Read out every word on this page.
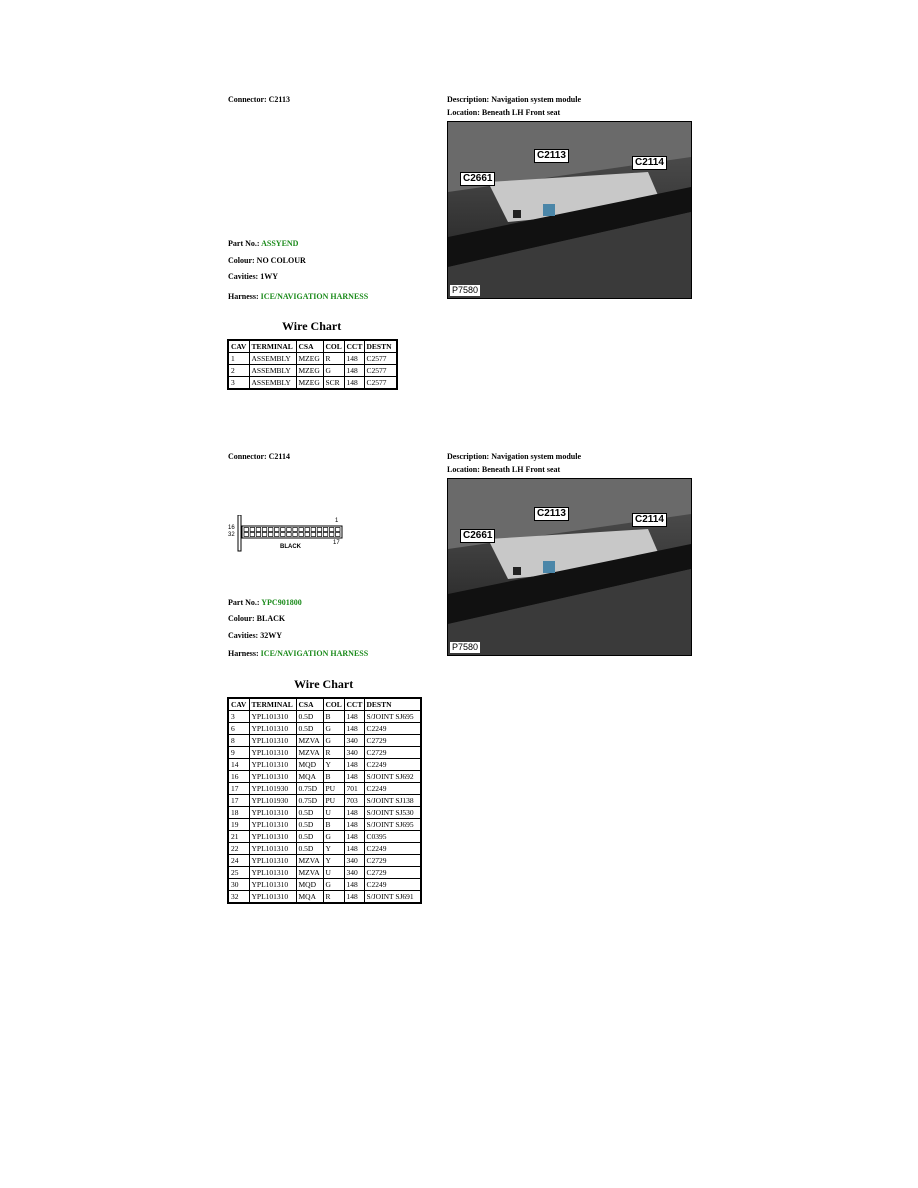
Connector: C2113	Description: Navigation system module
Location: Beneath LH Front seat
C2661
C2113
C2114
P7580
Part No.: ASSYEND
Colour: NO COLOUR
Cavities: 1WY
Harness: ICE/NAVIGATION HARNESS
Wire Chart
CAV	TERMINAL	CSA	COL	CCT	DESTN
1	ASSEMBLY	MZEG	R	148	C2577
2	ASSEMBLY	MZEG	G	148	C2577
3	ASSEMBLY	MZEG	SCR	148	C2577
Connector: C2114	Description: Navigation system module
Location: Beneath LH Front seat
C2661
C2113
C2114
P7580
16
32
1
17
BLACK
Part No.: YPC901800
Colour: BLACK
Cavities: 32WY
Harness: ICE/NAVIGATION HARNESS
Wire Chart
CAV	TERMINAL	CSA	COL	CCT	DESTN
3	YPL101310	0.5D	B	148	S/JOINT SJ695
6	YPL101310	0.5D	G	148	C2249
8	YPL101310	MZVA	G	340	C2729
9	YPL101310	MZVA	R	340	C2729
14	YPL101310	MQD	Y	148	C2249
16	YPL101310	MQA	B	148	S/JOINT SJ692
17	YPL101930	0.75D	PU	701	C2249
17	YPL101930	0.75D	PU	703	S/JOINT SJ138
18	YPL101310	0.5D	U	148	S/JOINT SJ530
19	YPL101310	0.5D	B	148	S/JOINT SJ695
21	YPL101310	0.5D	G	148	C0395
22	YPL101310	0.5D	Y	148	C2249
24	YPL101310	MZVA	Y	340	C2729
25	YPL101310	MZVA	U	340	C2729
30	YPL101310	MQD	G	148	C2249
32	YPL101310	MQA	R	148	S/JOINT SJ691
